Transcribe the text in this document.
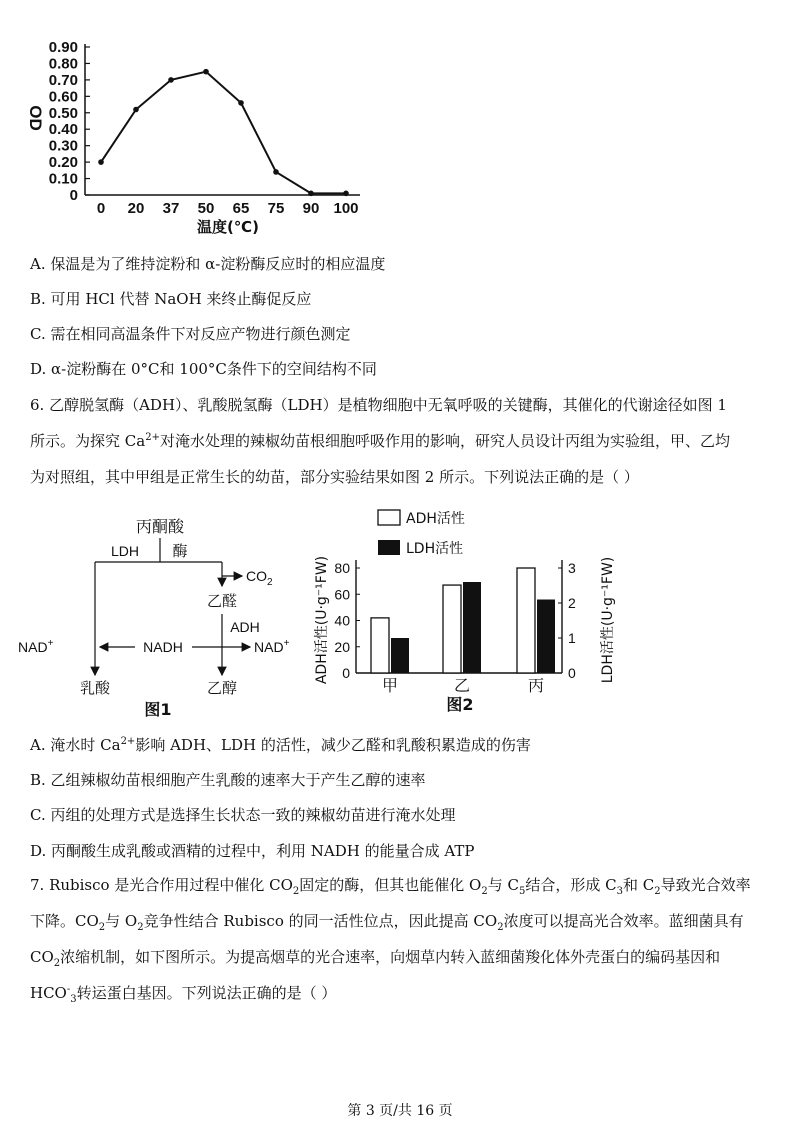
0
0.10
0.20
0.30
0.40
0.50
0.60
0.70
0.80
0.90
0 20 37 50 65 75 90 100
OD
温度(℃)
A. 保温是为了维持淀粉和 α-淀粉酶反应时的相应温度
B. 可用 HCl 代替 NaOH 来终止酶促反应
C. 需在相同高温条件下对反应产物进行颜色测定
D. α-淀粉酶在 0°C和 100°C条件下的空间结构不同
6. 乙醇脱氢酶（ADH）、乳酸脱氢酶（LDH）是植物细胞中无氧呼吸的关键酶，其催化的代谢途径如图 1
所示。为探究 $Ca^{2+}$对淹水处理的辣椒幼苗根细胞呼吸作用的影响，研究人员设计丙组为实验组，甲、乙均
为对照组，其中甲组是正常生长的幼苗，部分实验结果如图 2 所示。下列说法正确的是（ ）
丙酮酸
LDH 酶
$CO_2$
乙醛
ADH
NAD+	NADH	NAD+
乳酸	乙醇
图1
ADH活性
LDH活性
0
20
40
60
80
0
1
2
3
甲	乙	丙
ADH活性(U·g⁻¹FW)	LDH活性(U·g⁻¹FW)
图2
A. 淹水时 $Ca^{2+}$影响 ADH、LDH 的活性，减少乙醛和乳酸积累造成的伤害
B. 乙组辣椒幼苗根细胞产生乳酸的速率大于产生乙醇的速率
C. 丙组的处理方式是选择生长状态一致的辣椒幼苗进行淹水处理
D. 丙酮酸生成乳酸或酒精的过程中，利用 NADH 的能量合成 ATP
7. Rubisco 是光合作用过程中催化 $CO_2$固定的酶，但其也能催化 $O_2$与 $C_5$结合，形成 $C_3$和 $C_2$导致光合效率
下降。$CO_2$与 $O_2$竞争性结合 Rubisco 的同一活性位点，因此提高 $CO_2$浓度可以提高光合效率。蓝细菌具有
$CO_2$浓缩机制，如下图所示。为提高烟草的光合速率，向烟草内转入蓝细菌羧化体外壳蛋白的编码基因和
$HCO^-_3$转运蛋白基因。下列说法正确的是（ ）
第 3 页/共 16 页
